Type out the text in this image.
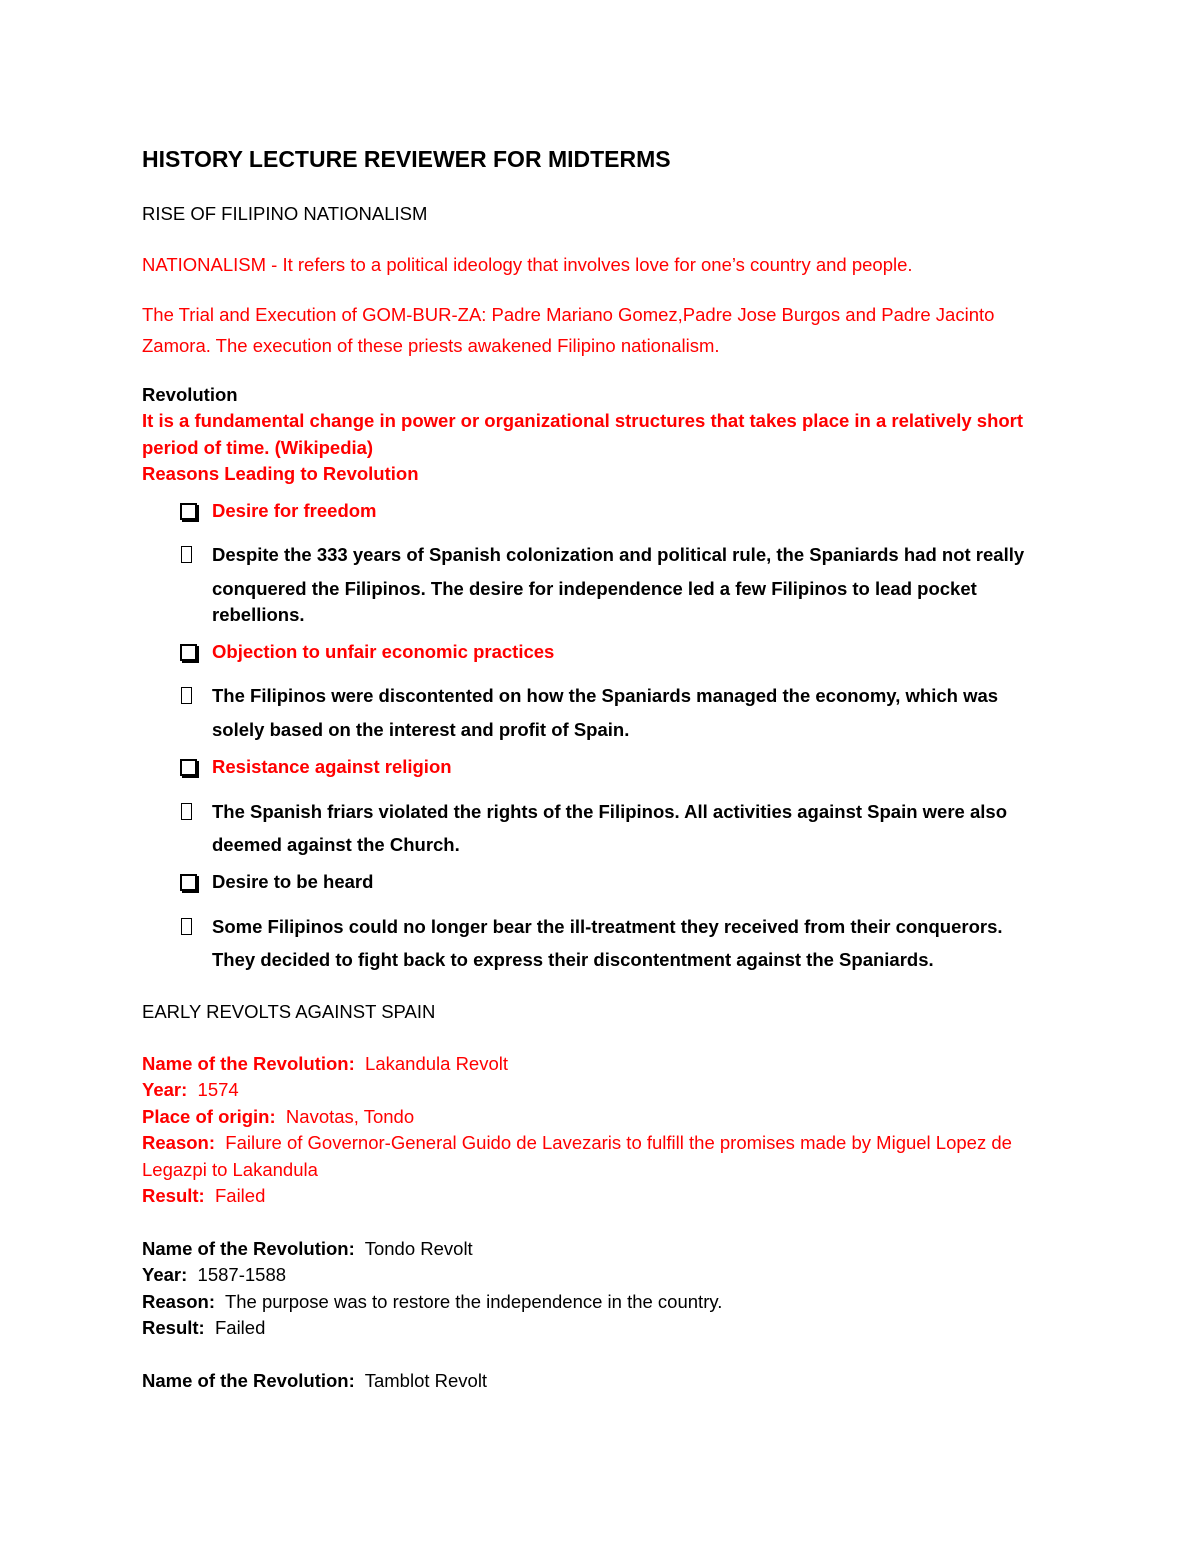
HISTORY LECTURE REVIEWER FOR MIDTERMS
RISE OF FILIPINO NATIONALISM
NATIONALISM - It refers to a political ideology that involves love for one’s country and people.
The Trial and Execution of GOM-BUR-ZA: Padre Mariano Gomez,Padre Jose Burgos and Padre Jacinto
Zamora. The execution of these priests awakened Filipino nationalism.
Revolution
It is a fundamental change in power or organizational structures that takes place in a relatively short
period of time. (Wikipedia)
Reasons Leading to Revolution
Desire for freedom
Despite the 333 years of Spanish colonization and political rule, the Spaniards had not really
conquered the Filipinos. The desire for independence led a few Filipinos to lead pocket
rebellions.
Objection to unfair economic practices
The Filipinos were discontented on how the Spaniards managed the economy, which was
solely based on the interest and profit of Spain.
Resistance against religion
The Spanish friars violated the rights of the Filipinos. All activities against Spain were also
deemed against the Church.
Desire to be heard
Some Filipinos could no longer bear the ill-treatment they received from their conquerors.
They decided to fight back to express their discontentment against the Spaniards.
EARLY REVOLTS AGAINST SPAIN
Name of the Revolution: Lakandula Revolt
Year: 1574
Place of origin: Navotas, Tondo
Reason: Failure of Governor-General Guido de Lavezaris to fulfill the promises made by Miguel Lopez de
Legazpi to Lakandula
Result: Failed
Name of the Revolution: Tondo Revolt
Year: 1587-1588
Reason: The purpose was to restore the independence in the country.
Result: Failed
Name of the Revolution: Tamblot Revolt
